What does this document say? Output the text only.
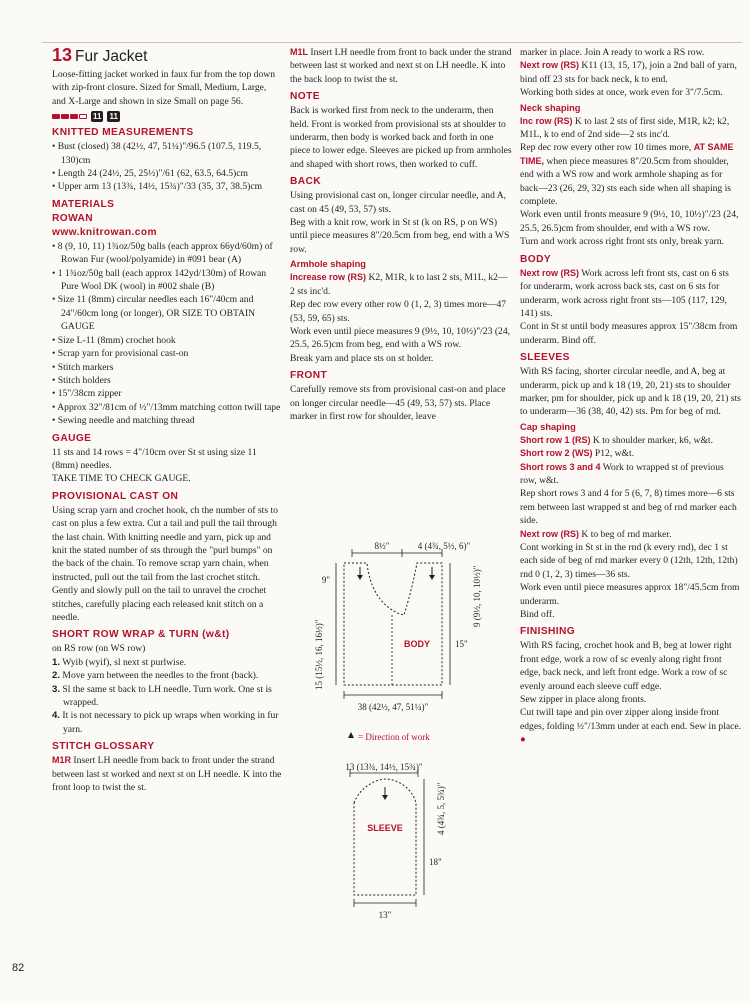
13 Fur Jacket

Loose-fitting jacket worked in faux fur from the top down with zip-front closure. Sized for Small, Medium, Large, and X-Large and shown in size Small on page 56.

11 11
KNITTED MEASUREMENTS

• Bust (closed) 38 (42½, 47, 51¼)"/96.5 (107.5, 119.5, 130)cm

• Length 24 (24½, 25, 25½)"/61 (62, 63.5, 64.5)cm

• Upper arm 13 (13¾, 14½, 15¾)"/33 (35, 37, 38.5)cm

MATERIALS
ROWAN
www.knitrowan.com

• 8 (9, 10, 11) 1¾oz/50g balls (each approx 66yd/60m) of Rowan Fur (wool/polyamide) in #091 bear (A)

• 1 1¾oz/50g ball (each approx 142yd/130m) of Rowan Pure Wool DK (wool) in #002 shale (B)

• Size 11 (8mm) circular needles each 16"/40cm and 24"/60cm long (or longer), OR SIZE TO OBTAIN GAUGE

• Size L-11 (8mm) crochet hook

• Scrap yarn for provisional cast-on

• Stitch markers

• Stitch holders

• 15"/38cm zipper

• Approx 32"/81cm of ½"/13mm matching cotton twill tape

• Sewing needle and matching thread

GAUGE

11 sts and 14 rows = 4"/10cm over St st using size 11 (8mm) needles.

TAKE TIME TO CHECK GAUGE.

PROVISIONAL CAST ON

Using scrap yarn and crochet hook, ch the number of sts to cast on plus a few extra. Cut a tail and pull the tail through the last chain. With knitting needle and yarn, pick up and knit the stated number of sts through the "purl bumps" on the back of the chain. To remove scrap yarn chain, when instructed, pull out the tail from the last crochet stitch. Gently and slowly pull on the tail to unravel the crochet stitches, carefully placing each released knit stitch on a needle.

SHORT ROW WRAP & TURN (w&t)

on RS row (on WS row)

1. Wyib (wyif), sl next st purlwise.

2. Move yarn between the needles to the front (back).

3. Sl the same st back to LH needle. Turn work. One st is wrapped.

4. It is not necessary to pick up wraps when working in fur yarn.

STITCH GLOSSARY

M1R Insert LH needle from back to front under the strand between last st worked and next st on LH needle. K into the front loop to twist the st.

M1L Insert LH needle from front to back under the strand between last st worked and next st on LH needle. K into the back loop to twist the st.

NOTE

Back is worked first from neck to the underarm, then held. Front is worked from provisional sts at shoulder to underarm, then body is worked back and forth in one piece to lower edge. Sleeves are picked up from armholes and shaped with short rows, then worked to cuff.

BACK

Using provisional cast on, longer circular needle, and A, cast on 45 (49, 53, 57) sts.

Beg with a knit row, work in St st (k on RS, p on WS) until piece measures 8"/20.5cm from beg, end with a WS row.

Armhole shaping

Increase row (RS) K2, M1R, k to last 2 sts, M1L, k2—2 sts inc'd.

Rep dec row every other row 0 (1, 2, 3) times more—47 (53, 59, 65) sts.

Work even until piece measures 9 (9½, 10, 10½)"/23 (24, 25.5, 26.5)cm from beg, end with a WS row.

Break yarn and place sts on st holder.

FRONT

Carefully remove sts from provisional cast-on and place on longer circular needle—45 (49, 53, 57) sts. Place marker in first row for shoulder, leave

8½"	4 (4¾, 5½, 6)"
BODY
9"
15 (15½, 16, 16½)"
9 (9½, 10, 10½)"
15"
38 (42½, 47, 51¼)"
= Direction of work
13 (13¾, 14½, 15¾)"
SLEEVE	4 (4¾, 5, 5¾)"
18"
13"

marker in place. Join A ready to work a RS row.

Next row (RS) K11 (13, 15, 17), join a 2nd ball of yarn, bind off 23 sts for back neck, k to end.

Working both sides at once, work even for 3"/7.5cm.

Neck shaping

Inc row (RS) K to last 2 sts of first side, M1R, k2; k2, M1L, k to end of 2nd side—2 sts inc'd.

Rep dec row every other row 10 times more, AT SAME TIME, when piece measures 8"/20.5cm from shoulder, end with a WS row and work armhole shaping as for back—23 (26, 29, 32) sts each side when all shaping is complete.

Work even until fronts measure 9 (9½, 10, 10½)"/23 (24, 25.5, 26.5)cm from shoulder, end with a WS row.

Turn and work across right front sts only, break yarn.

BODY

Next row (RS) Work across left front sts, cast on 6 sts for underarm, work across back sts, cast on 6 sts for underarm, work across right front sts—105 (117, 129, 141) sts.

Cont in St st until body measures approx 15"/38cm from underarm. Bind off.

SLEEVES

With RS facing, shorter circular needle, and A, beg at underarm, pick up and k 18 (19, 20, 21) sts to shoulder marker, pm for shoulder, pick up and k 18 (19, 20, 21) sts to underarm—36 (38, 40, 42) sts. Pm for beg of rnd.

Cap shaping

Short row 1 (RS) K to shoulder marker, k6, w&t.

Short row 2 (WS) P12, w&t.

Short rows 3 and 4 Work to wrapped st of previous row, w&t.

Rep short rows 3 and 4 for 5 (6, 7, 8) times more—6 sts rem between last wrapped st and beg of rnd marker each side.

Next row (RS) K to beg of rnd marker.

Cont working in St st in the rnd (k every rnd), dec 1 st each side of beg of rnd marker every 0 (12th, 12th, 12th) rnd 0 (1, 2, 3) times—36 sts.

Work even until piece measures approx 18"/45.5cm from underarm.

Bind off.

FINISHING

With RS facing, crochet hook and B, beg at lower right front edge, work a row of sc evenly along right front edge, back neck, and left front edge. Work a row of sc evenly around each sleeve cuff edge.

Sew zipper in place along fronts.

Cut twill tape and pin over zipper along inside front edges, folding ½"/13mm under at each end. Sew in place. ●

82
